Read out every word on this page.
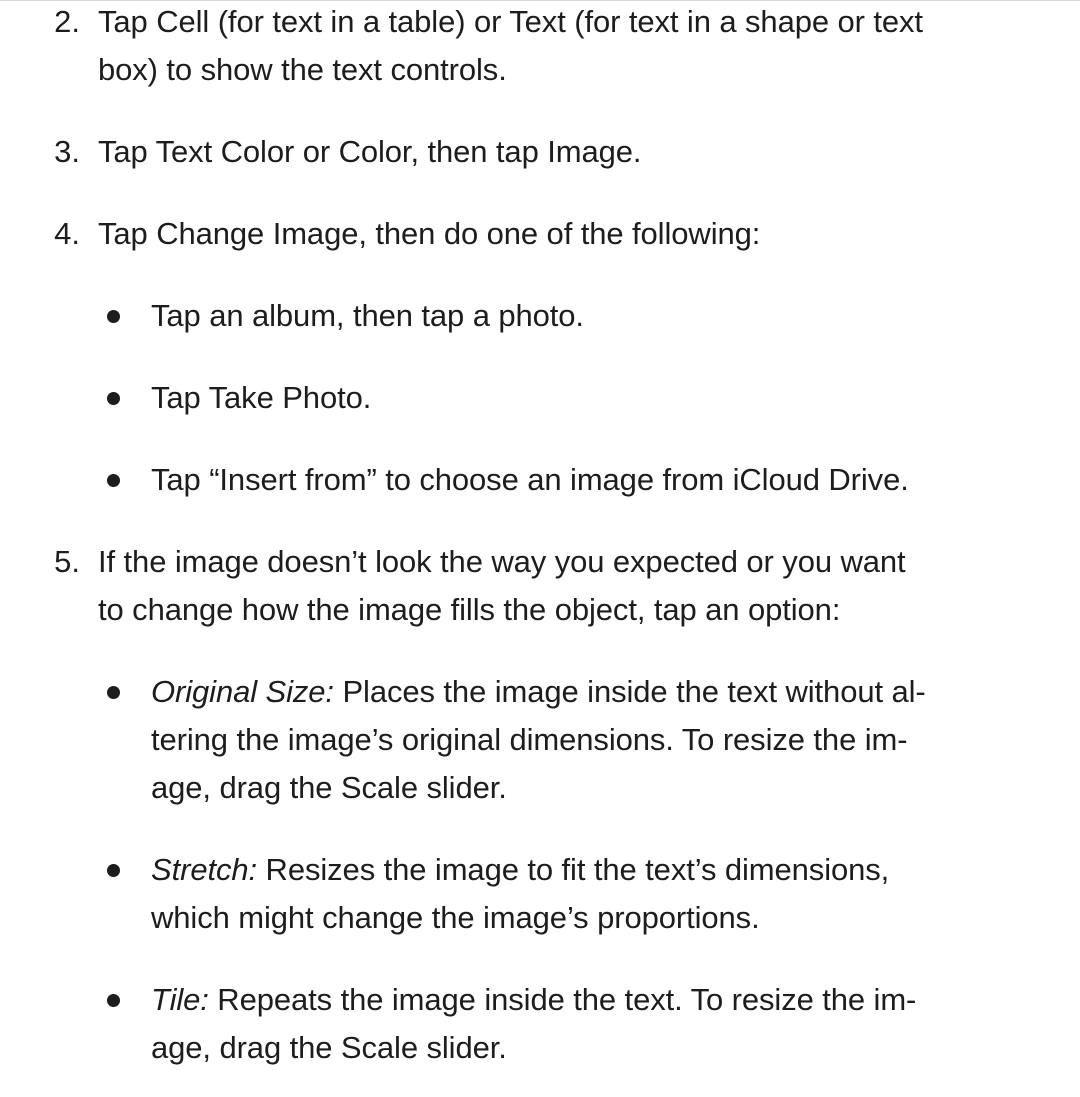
2. Tap Cell (for text in a table) or Text (for text in a shape or text
box) to show the text controls.
3. Tap Text Color or Color, then tap Image.
4. Tap Change Image, then do one of the following:
Tap an album, then tap a photo.
Tap Take Photo.
Tap “Insert from” to choose an image from iCloud Drive.
5. If the image doesn’t look the way you expected or you want
to change how the image fills the object, tap an option:
Original Size: Places the image inside the text without al-
tering the image’s original dimensions. To resize the im-
age, drag the Scale slider.
Stretch: Resizes the image to fit the text’s dimensions,
which might change the image’s proportions.
Tile: Repeats the image inside the text. To resize the im-
age, drag the Scale slider.
